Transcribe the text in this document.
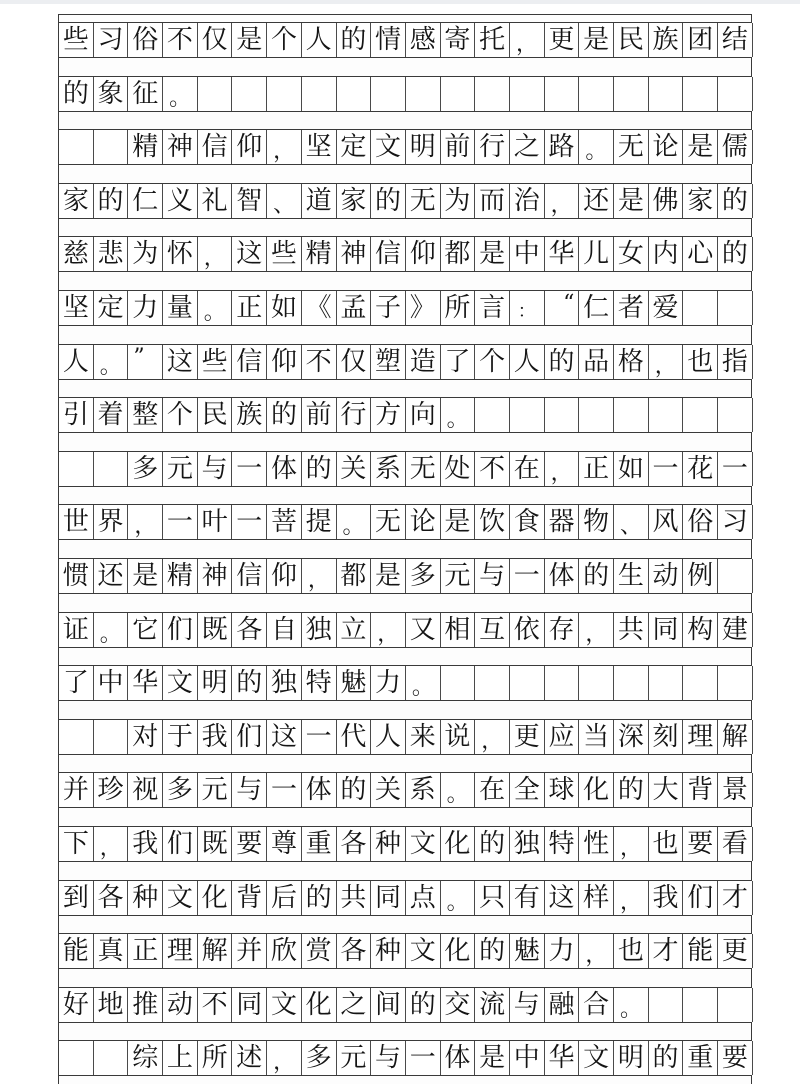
些 习 俗 不 仅 是 个 人 的 情 感 寄 托 ， 更 是 民 族 团 结
的 象 征 。
精 神 信 仰 ， 坚 定 文 明 前 行 之 路 。 无 论 是 儒
家 的 仁 义 礼 智 、 道 家 的 无 为 而 治 ， 还 是 佛 家 的
慈 悲 为 怀 ， 这 些 精 神 信 仰 都 是 中 华 儿 女 内 心 的
坚 定 力 量 。 正 如 《 孟 子 》 所 言 ：	“ 仁 者 爱
人 。 ” 这 些 信 仰 不 仅 塑 造 了 个 人 的 品 格 ， 也 指
引 着 整 个 民 族 的 前 行 方 向 。
多 元 与 一 体 的 关 系 无 处 不 在 ， 正 如 一 花 一
世 界 ， 一 叶 一 菩 提 。 无 论 是 饮 食 器 物 、 风 俗 习
惯 还 是 精 神 信 仰 ， 都 是 多 元 与 一 体 的 生 动 例
证 。 它 们 既 各 自 独 立 ， 又 相 互 依 存 ， 共 同 构 建
了 中 华 文 明 的 独 特 魅 力 。
对 于 我 们 这 一 代 人 来 说 ， 更 应 当 深 刻 理 解
并 珍 视 多 元 与 一 体 的 关 系 。 在 全 球 化 的 大 背 景
下 ， 我 们 既 要 尊 重 各 种 文 化 的 独 特 性 ， 也 要 看
到 各 种 文 化 背 后 的 共 同 点 。 只 有 这 样 ， 我 们 才
能 真 正 理 解 并 欣 赏 各 种 文 化 的 魅 力 ， 也 才 能 更
好 地 推 动 不 同 文 化 之 间 的 交 流 与 融 合 。
综 上 所 述 ， 多 元 与 一 体 是 中 华 文 明 的 重 要
